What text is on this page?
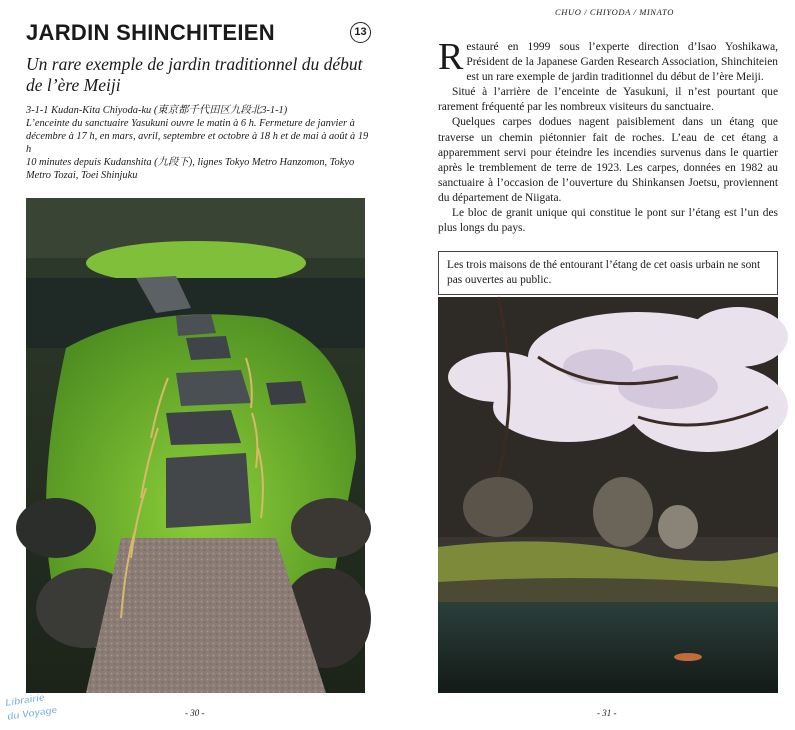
JARDIN SHINCHITEIEN	13
Un rare exemple de jardin traditionnel du début de l’ère Meiji

3-1-1 Kudan-Kita Chiyoda-ku (東京都千代田区九段北3-1-1)

L’enceinte du sanctuaire Yasukuni ouvre le matin à 6 h. Fermeture de janvier à décembre à 17 h, en mars, avril, septembre et octobre à 18 h et de mai à août à 19 h

10 minutes depuis Kudanshita (九段下), lignes Tokyo Metro Hanzomon, Tokyo Metro Tozai, Toei Shinjuku

- 30 -
CHUO / CHIYODA / MINATO

Restauré en 1999 sous l’experte direction d’Isao Yoshikawa, Président de la Japanese Garden Research Association, Shinchiteien est un rare exemple de jardin traditionnel du début de l’ère Meiji.

Situé à l’arrière de l’enceinte de Yasukuni, il n’est pourtant que rarement fréquenté par les nombreux visiteurs du sanctuaire.

Quelques carpes dodues nagent paisiblement dans un étang que traverse un chemin piétonnier fait de roches. L’eau de cet étang a apparemment servi pour éteindre les incendies survenus dans le quartier après le tremblement de terre de 1923. Les carpes, données en 1982 au sanctuaire à l’occasion de l’ouverture du Shinkansen Joetsu, proviennent du département de Niigata.

Le bloc de granit unique qui constitue le pont sur l’étang est l’un des plus longs du pays.

Les trois maisons de thé entourant l’étang de cet oasis urbain ne sont pas ouvertes au public.
- 31 -
Librairie
du Voyage
